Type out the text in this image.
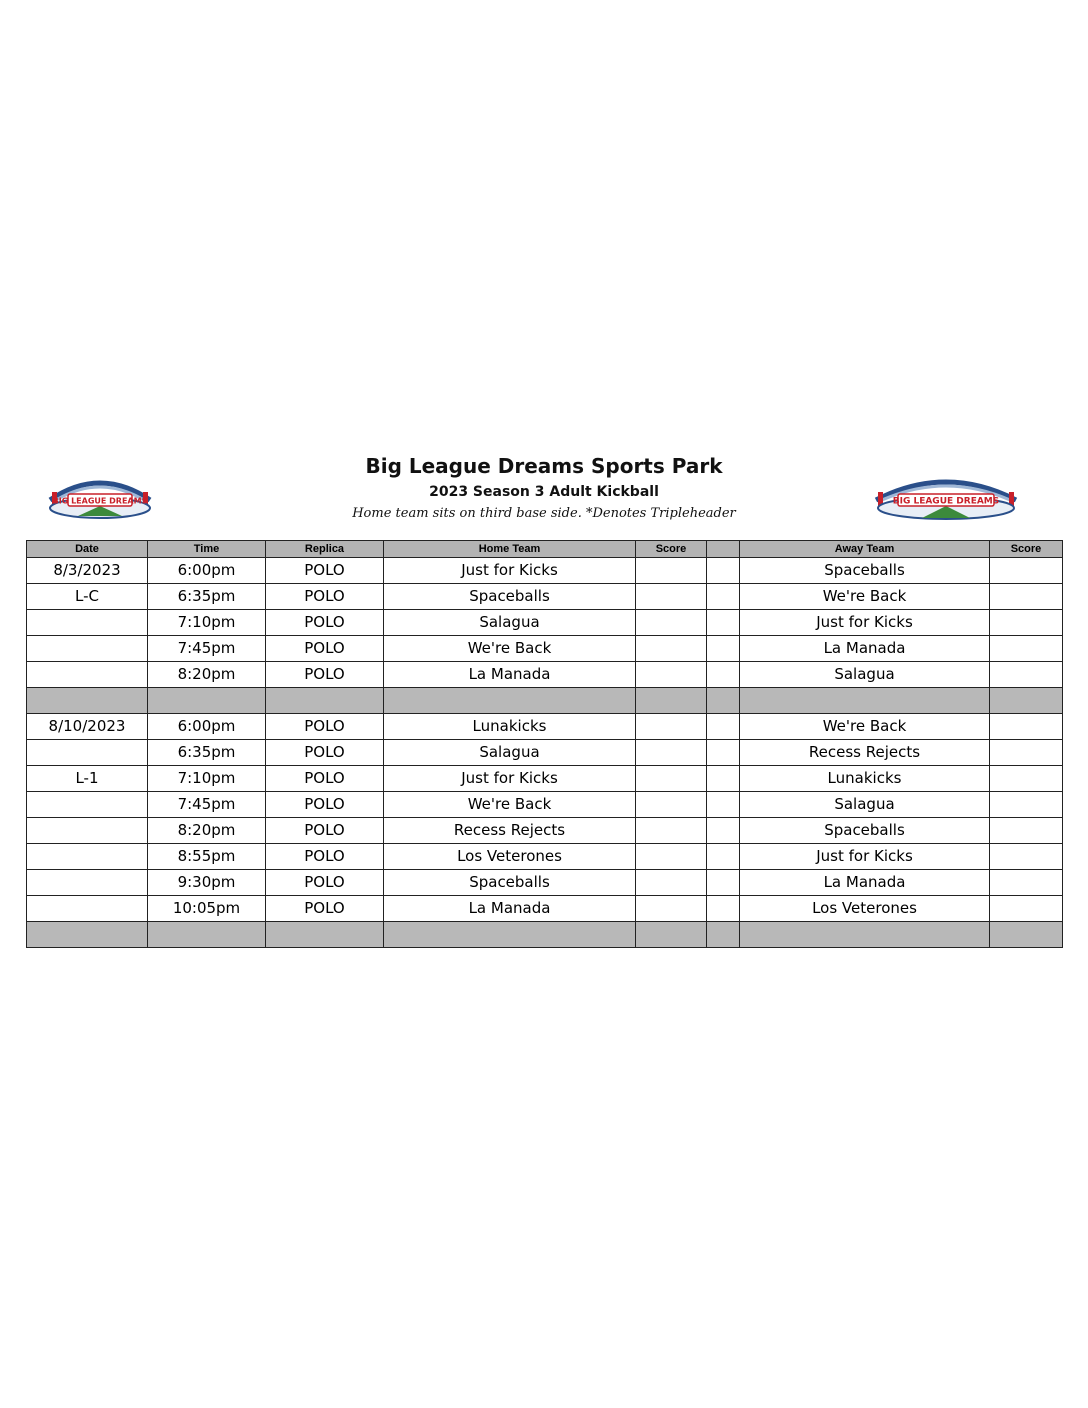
BIG LEAGUE DREAMS
Big League Dreams Sports Park
2023 Season 3 Adult Kickball
Home team sits on third base side. *Denotes Tripleheader
BIG LEAGUE DREAMS
Date	Time	Replica	Home Team	Score		Away Team	Score
8/3/2023	6:00pm	POLO	Just for Kicks			Spaceballs	
L-C	6:35pm	POLO	Spaceballs			We're Back	
	7:10pm	POLO	Salagua			Just for Kicks	
	7:45pm	POLO	We're Back			La Manada	
	8:20pm	POLO	La Manada			Salagua	

8/10/2023	6:00pm	POLO	Lunakicks			We're Back	
	6:35pm	POLO	Salagua			Recess Rejects	
L-1	7:10pm	POLO	Just for Kicks			Lunakicks	
	7:45pm	POLO	We're Back			Salagua	
	8:20pm	POLO	Recess Rejects			Spaceballs	
	8:55pm	POLO	Los Veterones			Just for Kicks	
	9:30pm	POLO	Spaceballs			La Manada	
	10:05pm	POLO	La Manada			Los Veterones	
